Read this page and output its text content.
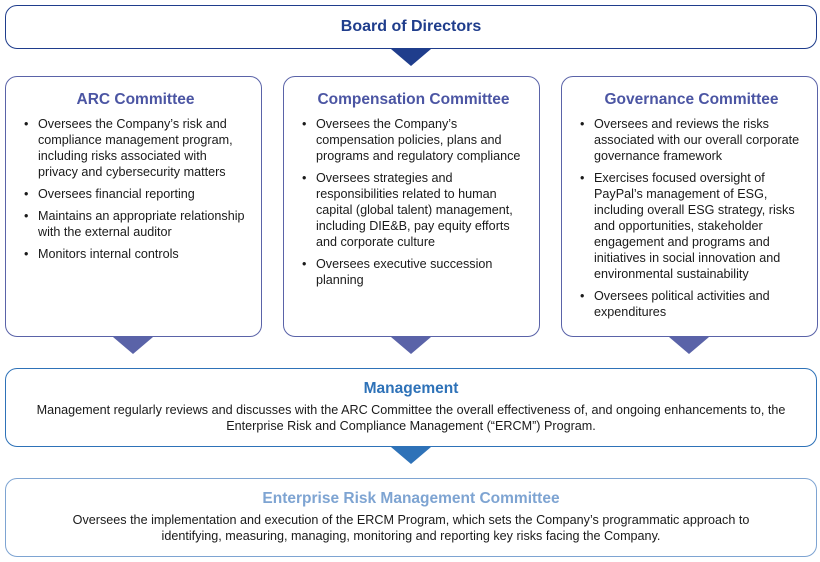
Board of Directors
ARC Committee
• Oversees the Company’s risk and compliance management program, including risks associated with privacy and cybersecurity matters
• Oversees financial reporting
• Maintains an appropriate relationship with the external auditor
• Monitors internal controls
Compensation Committee
• Oversees the Company’s compensation policies, plans and programs and regulatory compliance
• Oversees strategies and responsibilities related to human capital (global talent) management, including DIE&B, pay equity efforts and corporate culture
• Oversees executive succession planning
Governance Committee
• Oversees and reviews the risks associated with our overall corporate governance framework
• Exercises focused oversight of PayPal’s management of ESG, including overall ESG strategy, risks and opportunities, stakeholder engagement and programs and initiatives in social innovation and environmental sustainability
• Oversees political activities and expenditures
Management
Management regularly reviews and discusses with the ARC Committee the overall effectiveness of, and ongoing enhancements to, the Enterprise Risk and Compliance Management (“ERCM”) Program.
Enterprise Risk Management Committee
Oversees the implementation and execution of the ERCM Program, which sets the Company’s programmatic approach to identifying, measuring, managing, monitoring and reporting key risks facing the Company.
